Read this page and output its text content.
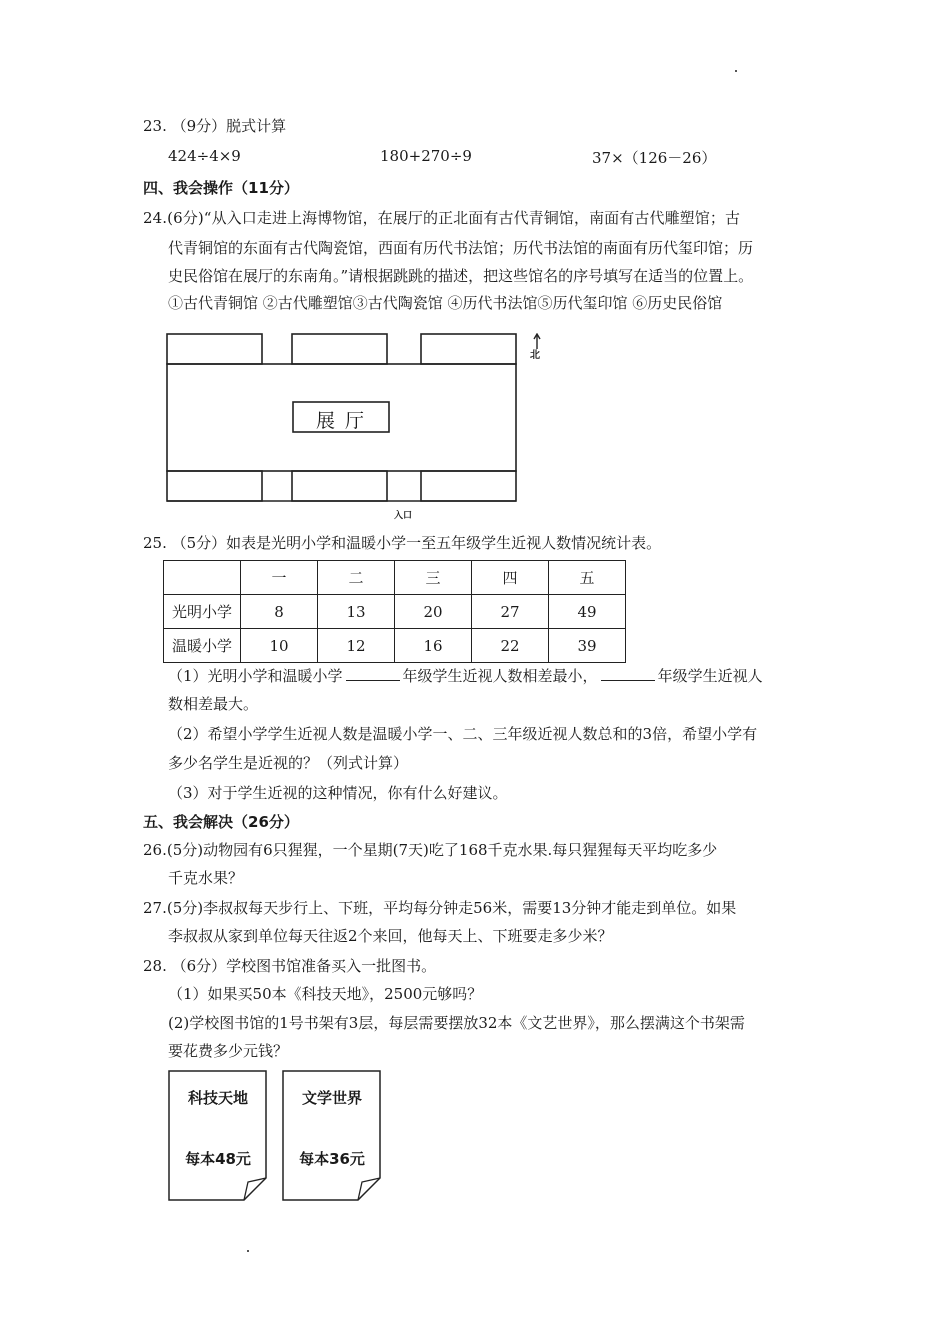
23. （9分）脱式计算
424÷4×9	180+270÷9	37×（126－26）
四、我会操作（11分）
24.(6分)“从入口走进上海博物馆，在展厅的正北面有古代青铜馆，南面有古代雕塑馆；古
代青铜馆的东面有古代陶瓷馆，西面有历代书法馆；历代书法馆的南面有历代玺印馆；历
史民俗馆在展厅的东南角。”请根据跳跳的描述，把这些馆名的序号填写在适当的位置上。
①古代青铜馆 ②古代雕塑馆③古代陶瓷馆 ④历代书法馆⑤历代玺印馆 ⑥历史民俗馆
展 厅
北
入口
25. （5分）如表是光明小学和温暖小学一至五年级学生近视人数情况统计表。
	一	二	三	四	五
光明小学	8	13	20	27	49
温暖小学	10	12	16	22	39
（1）光明小学和温暖小学	年级学生近视人数相差最小，	年级学生近视人
数相差最大。
（2）希望小学学生近视人数是温暖小学一、二、三年级近视人数总和的3倍，希望小学有
多少名学生是近视的？（列式计算）
（3）对于学生近视的这种情况，你有什么好建议。
五、我会解决（26分）
26.(5分)动物园有6只猩猩，一个星期(7天)吃了168千克水果.每只猩猩每天平均吃多少
千克水果？
27.(5分)李叔叔每天步行上、下班，平均每分钟走56米，需要13分钟才能走到单位。如果
李叔叔从家到单位每天往返2个来回，他每天上、下班要走多少米？
28. （6分）学校图书馆准备买入一批图书。
（1）如果买50本《科技天地》，2500元够吗？
(2)学校图书馆的1号书架有3层，每层需要摆放32本《文艺世界》，那么摆满这个书架需
要花费多少元钱？
科技天地
每本48元
文学世界
每本36元
